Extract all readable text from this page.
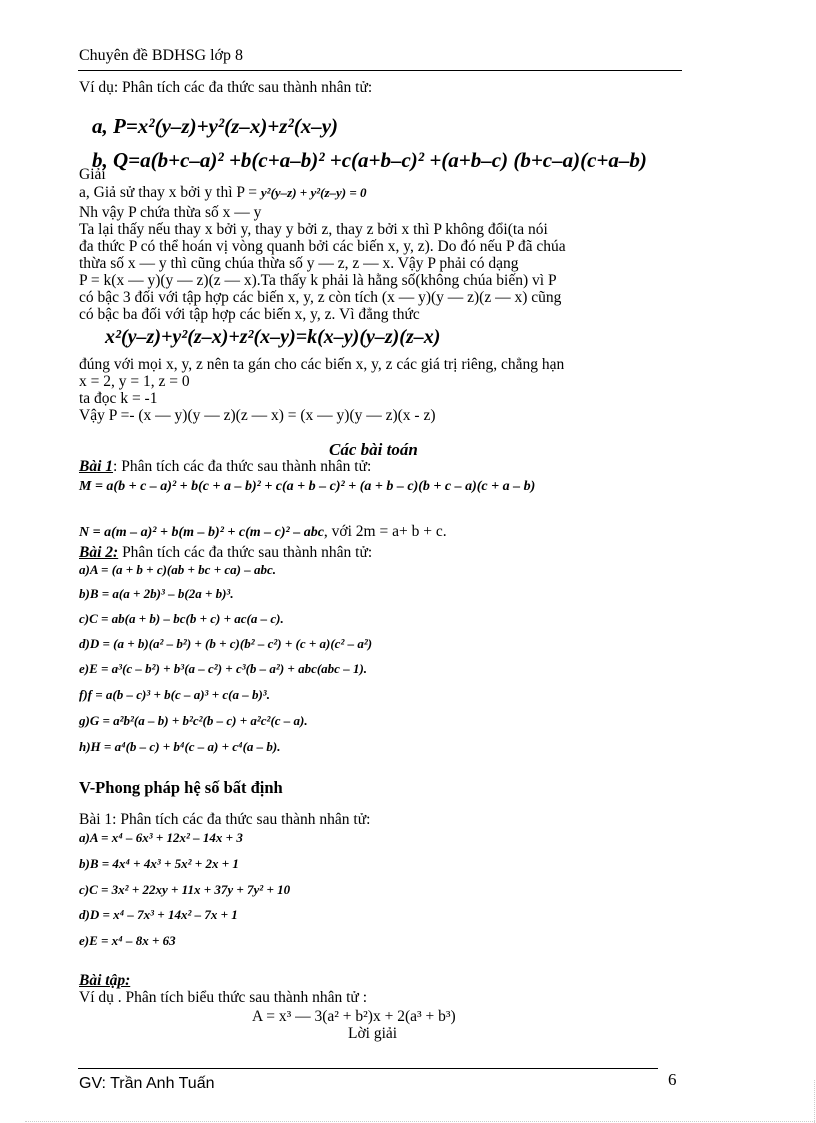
Chuyên đề BDHSG lớp 8
Ví dụ: Phân tích các đa thức sau thành nhân tử:
a, P=x²(y–z)+y²(z–x)+z²(x–y)
b, Q=a(b+c–a)² +b(c+a–b)² +c(a+b–c)² +(a+b–c) (b+c–a)(c+a–b)
Giải
a, Giả sử thay x bởi y thì P = y²(y–z) + y²(z–y) = 0
Nh vậy P chứa thừa số x — y
Ta lại thấy nếu thay x bởi y, thay y bởi z, thay z bởi x thì P không đổi(ta nói
đa thức P có thể hoán vị vòng quanh bởi các biến x, y, z). Do đó nếu P đã chúa
thừa số x — y thì cũng chúa thừa số y — z, z — x. Vậy P phải có dạng
P = k(x — y)(y — z)(z — x).Ta thấy k phải là hằng số(không chúa biến) vì P
có bậc 3 đối với tập hợp các biến x, y, z còn tích (x — y)(y — z)(z — x) cũng
có bậc ba đối với tập hợp các biến x, y, z. Vì đẳng thức
x²(y–z)+y²(z–x)+z²(x–y)=k(x–y)(y–z)(z–x)
đúng với mọi x, y, z nên ta gán cho các biến x, y, z các giá trị riêng, chẳng hạn
x = 2, y = 1, z = 0
ta đọc k = -1
Vậy P =- (x — y)(y — z)(z — x) = (x — y)(y — z)(x - z)
Các bài toán
Bài 1: Phân tích các đa thức sau thành nhân tử:
M = a(b + c – a)² + b(c + a – b)² + c(a + b – c)² + (a + b – c)(b + c – a)(c + a – b)
N = a(m – a)² + b(m – b)² + c(m – c)² – abc, với 2m = a+ b + c.
Bài 2: Phân tích các đa thức sau thành nhân tử:
a)A = (a + b + c)(ab + bc + ca) – abc.
b)B = a(a + 2b)³ – b(2a + b)³.
c)C = ab(a + b) – bc(b + c) + ac(a – c).
d)D = (a + b)(a² – b²) + (b + c)(b² – c²) + (c + a)(c² – a²)
e)E = a³(c – b²) + b³(a – c²) + c³(b – a²) + abc(abc – 1).
f)f = a(b – c)³ + b(c – a)³ + c(a – b)³.
g)G = a²b²(a – b) + b²c²(b – c) + a²c²(c – a).
h)H = a⁴(b – c) + b⁴(c – a) + c⁴(a – b).
V-Phong pháp hệ số bất định
Bài 1: Phân tích các đa thức sau thành nhân tử:
a)A = x⁴ – 6x³ + 12x² – 14x + 3
b)B = 4x⁴ + 4x³ + 5x² + 2x + 1
c)C = 3x² + 22xy + 11x + 37y + 7y² + 10
d)D = x⁴ – 7x³ + 14x² – 7x + 1
e)E = x⁴ – 8x + 63
Bài tập:
Ví dụ . Phân tích biểu thức sau thành nhân tử :
A = x³ — 3(a² + b²)x + 2(a³ + b³)
Lời giải
GV: Trần Anh Tuấn	6
